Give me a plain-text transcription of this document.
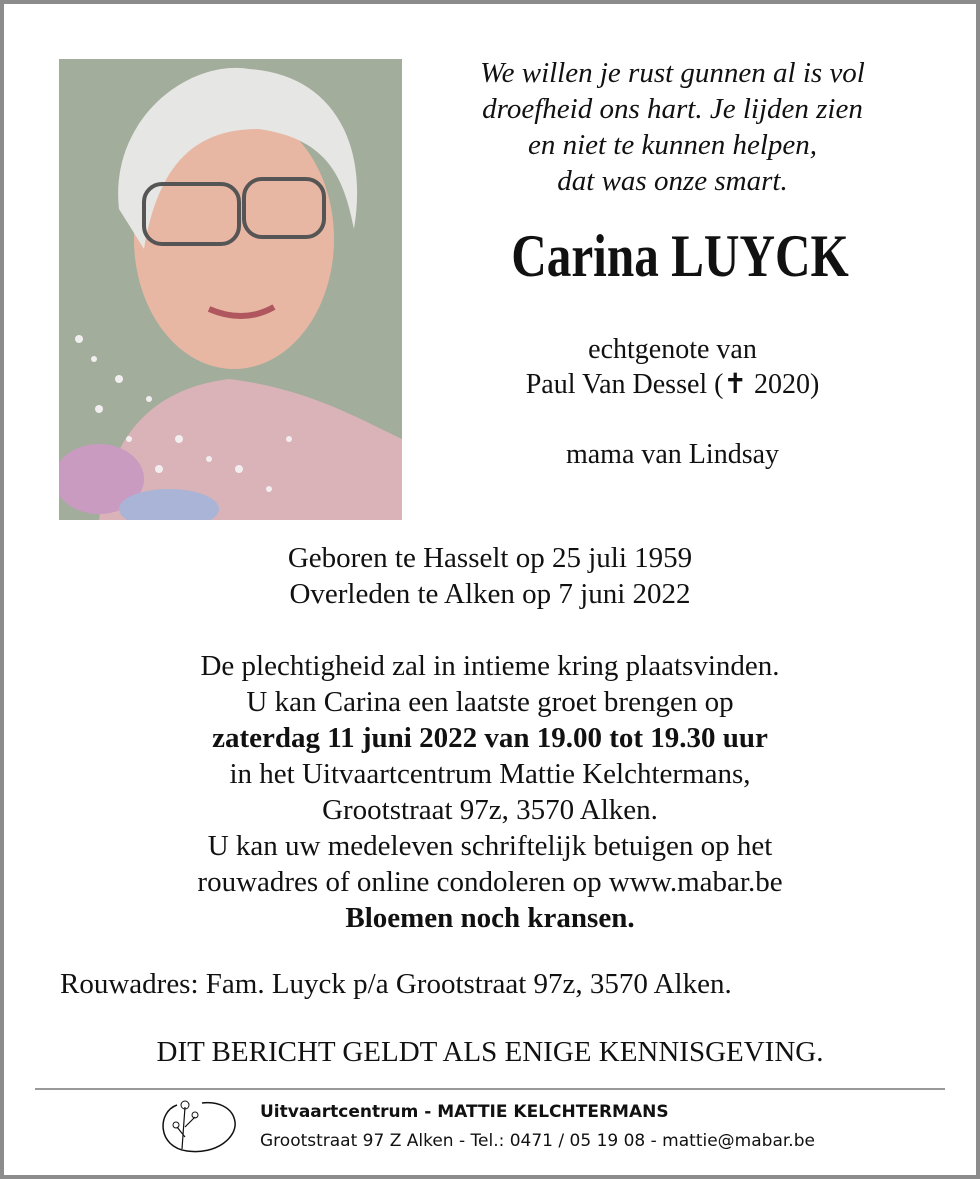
We willen je rust gunnen al is vol
droefheid ons hart. Je lijden zien
en niet te kunnen helpen,
dat was onze smart.
Carina LUYCK
echtgenote van
Paul Van Dessel (✝ 2020)
mama van Lindsay
Geboren te Hasselt op 25 juli 1959
Overleden te Alken op 7 juni 2022
De plechtigheid zal in intieme kring plaatsvinden.
U kan Carina een laatste groet brengen op
zaterdag 11 juni 2022 van 19.00 tot 19.30 uur
in het Uitvaartcentrum Mattie Kelchtermans,
Grootstraat 97z, 3570 Alken.
U kan uw medeleven schriftelijk betuigen op het
rouwadres of online condoleren op www.mabar.be
Bloemen noch kransen.
Rouwadres: Fam. Luyck p/a Grootstraat 97z, 3570 Alken.
DIT BERICHT GELDT ALS ENIGE KENNISGEVING.
Uitvaartcentrum - MATTIE KELCHTERMANS
Grootstraat 97 Z Alken - Tel.: 0471 / 05 19 08 - mattie@mabar.be
